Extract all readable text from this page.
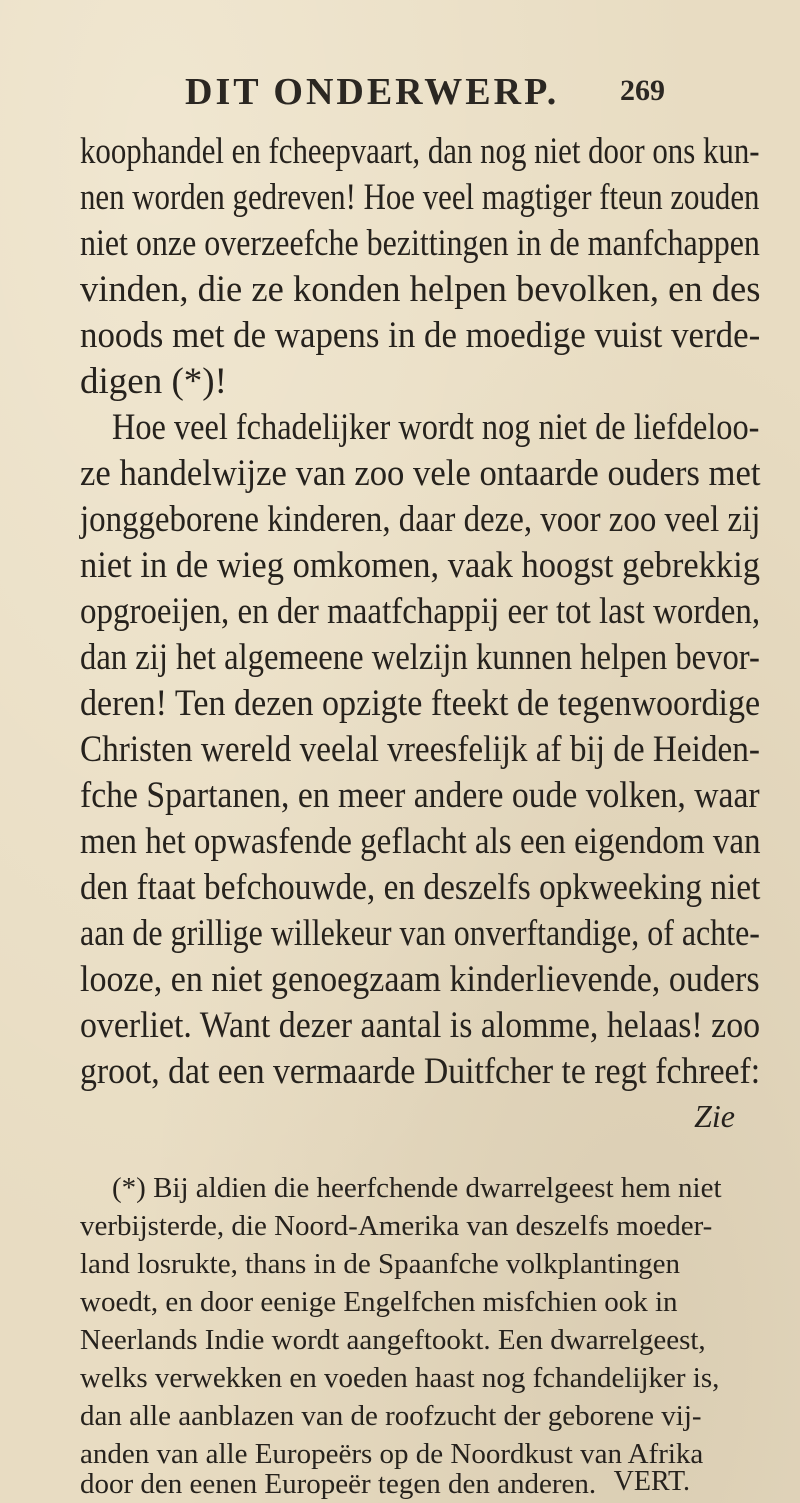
DIT ONDERWERP. 269
koophandel en fcheepvaart, dan nog niet door ons kun-
nen worden gedreven! Hoe veel magtiger fteun zouden
niet onze overzeefche bezittingen in de manfchappen
vinden, die ze konden helpen bevolken, en des
noods met de wapens in de moedige vuist verde-
digen (*)!
Hoe veel fchadelijker wordt nog niet de liefdeloo-
ze handelwijze van zoo vele ontaarde ouders met
jonggeborene kinderen, daar deze, voor zoo veel zij
niet in de wieg omkomen, vaak hoogst gebrekkig
opgroeijen, en der maatfchappij eer tot last worden,
dan zij het algemeene welzijn kunnen helpen bevor-
deren! Ten dezen opzigte fteekt de tegenwoordige
Christen wereld veelal vreesfelijk af bij de Heiden-
fche Spartanen, en meer andere oude volken, waar
men het opwasfende geflacht als een eigendom van
den ftaat befchouwde, en deszelfs opkweeking niet
aan de grillige willekeur van onverftandige, of achte-
looze, en niet genoegzaam kinderlievende, ouders
overliet. Want dezer aantal is alomme, helaas! zoo
groot, dat een vermaarde Duitfcher te regt fchreef:
Zie
(*) Bij aldien die heerfchende dwarrelgeest hem niet
verbijsterde, die Noord-Amerika van deszelfs moeder-
land losrukte, thans in de Spaanfche volkplantingen
woedt, en door eenige Engelfchen misfchien ook in
Neerlands Indie wordt aangeftookt. Een dwarrelgeest,
welks verwekken en voeden haast nog fchandelijker is,
dan alle aanblazen van de roofzucht der geborene vij-
anden van alle Europeërs op de Noordkust van Afrika
door den eenen Europeër tegen den anderen. VERT.
